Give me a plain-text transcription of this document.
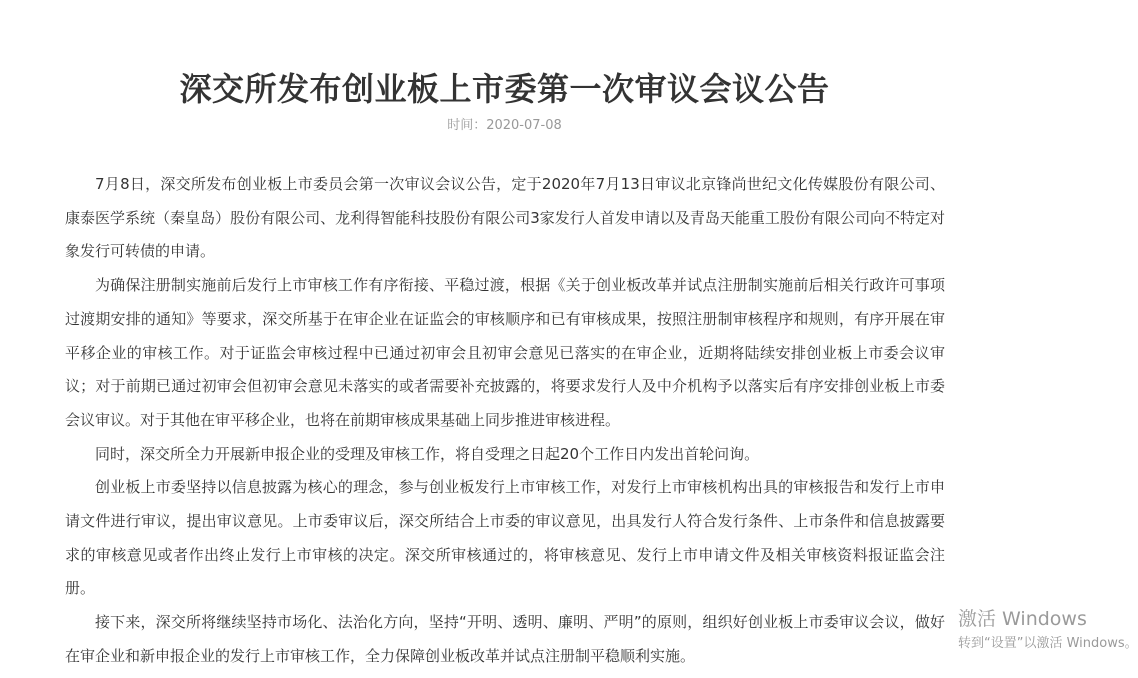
深交所发布创业板上市委第一次审议会议公告
时间：2020-07-08

7月8日，深交所发布创业板上市委员会第一次审议会议公告，定于2020年7月13日审议北京锋尚世纪文化传媒股份有限公司、康泰医学系统（秦皇岛）股份有限公司、龙利得智能科技股份有限公司3家发行人首发申请以及青岛天能重工股份有限公司向不特定对象发行可转债的申请。

为确保注册制实施前后发行上市审核工作有序衔接、平稳过渡，根据《关于创业板改革并试点注册制实施前后相关行政许可事项过渡期安排的通知》等要求，深交所基于在审企业在证监会的审核顺序和已有审核成果，按照注册制审核程序和规则，有序开展在审平移企业的审核工作。对于证监会审核过程中已通过初审会且初审会意见已落实的在审企业，近期将陆续安排创业板上市委会议审议；对于前期已通过初审会但初审会意见未落实的或者需要补充披露的，将要求发行人及中介机构予以落实后有序安排创业板上市委会议审议。对于其他在审平移企业，也将在前期审核成果基础上同步推进审核进程。

同时，深交所全力开展新申报企业的受理及审核工作，将自受理之日起20个工作日内发出首轮问询。

创业板上市委坚持以信息披露为核心的理念，参与创业板发行上市审核工作，对发行上市审核机构出具的审核报告和发行上市申请文件进行审议，提出审议意见。上市委审议后，深交所结合上市委的审议意见，出具发行人符合发行条件、上市条件和信息披露要求的审核意见或者作出终止发行上市审核的决定。深交所审核通过的，将审核意见、发行上市申请文件及相关审核资料报证监会注册。

接下来，深交所将继续坚持市场化、法治化方向，坚持“开明、透明、廉明、严明”的原则，组织好创业板上市委审议会议，做好在审企业和新申报企业的发行上市审核工作，全力保障创业板改革并试点注册制平稳顺利实施。

激活 Windows
转到“设置”以激活 Windows。
